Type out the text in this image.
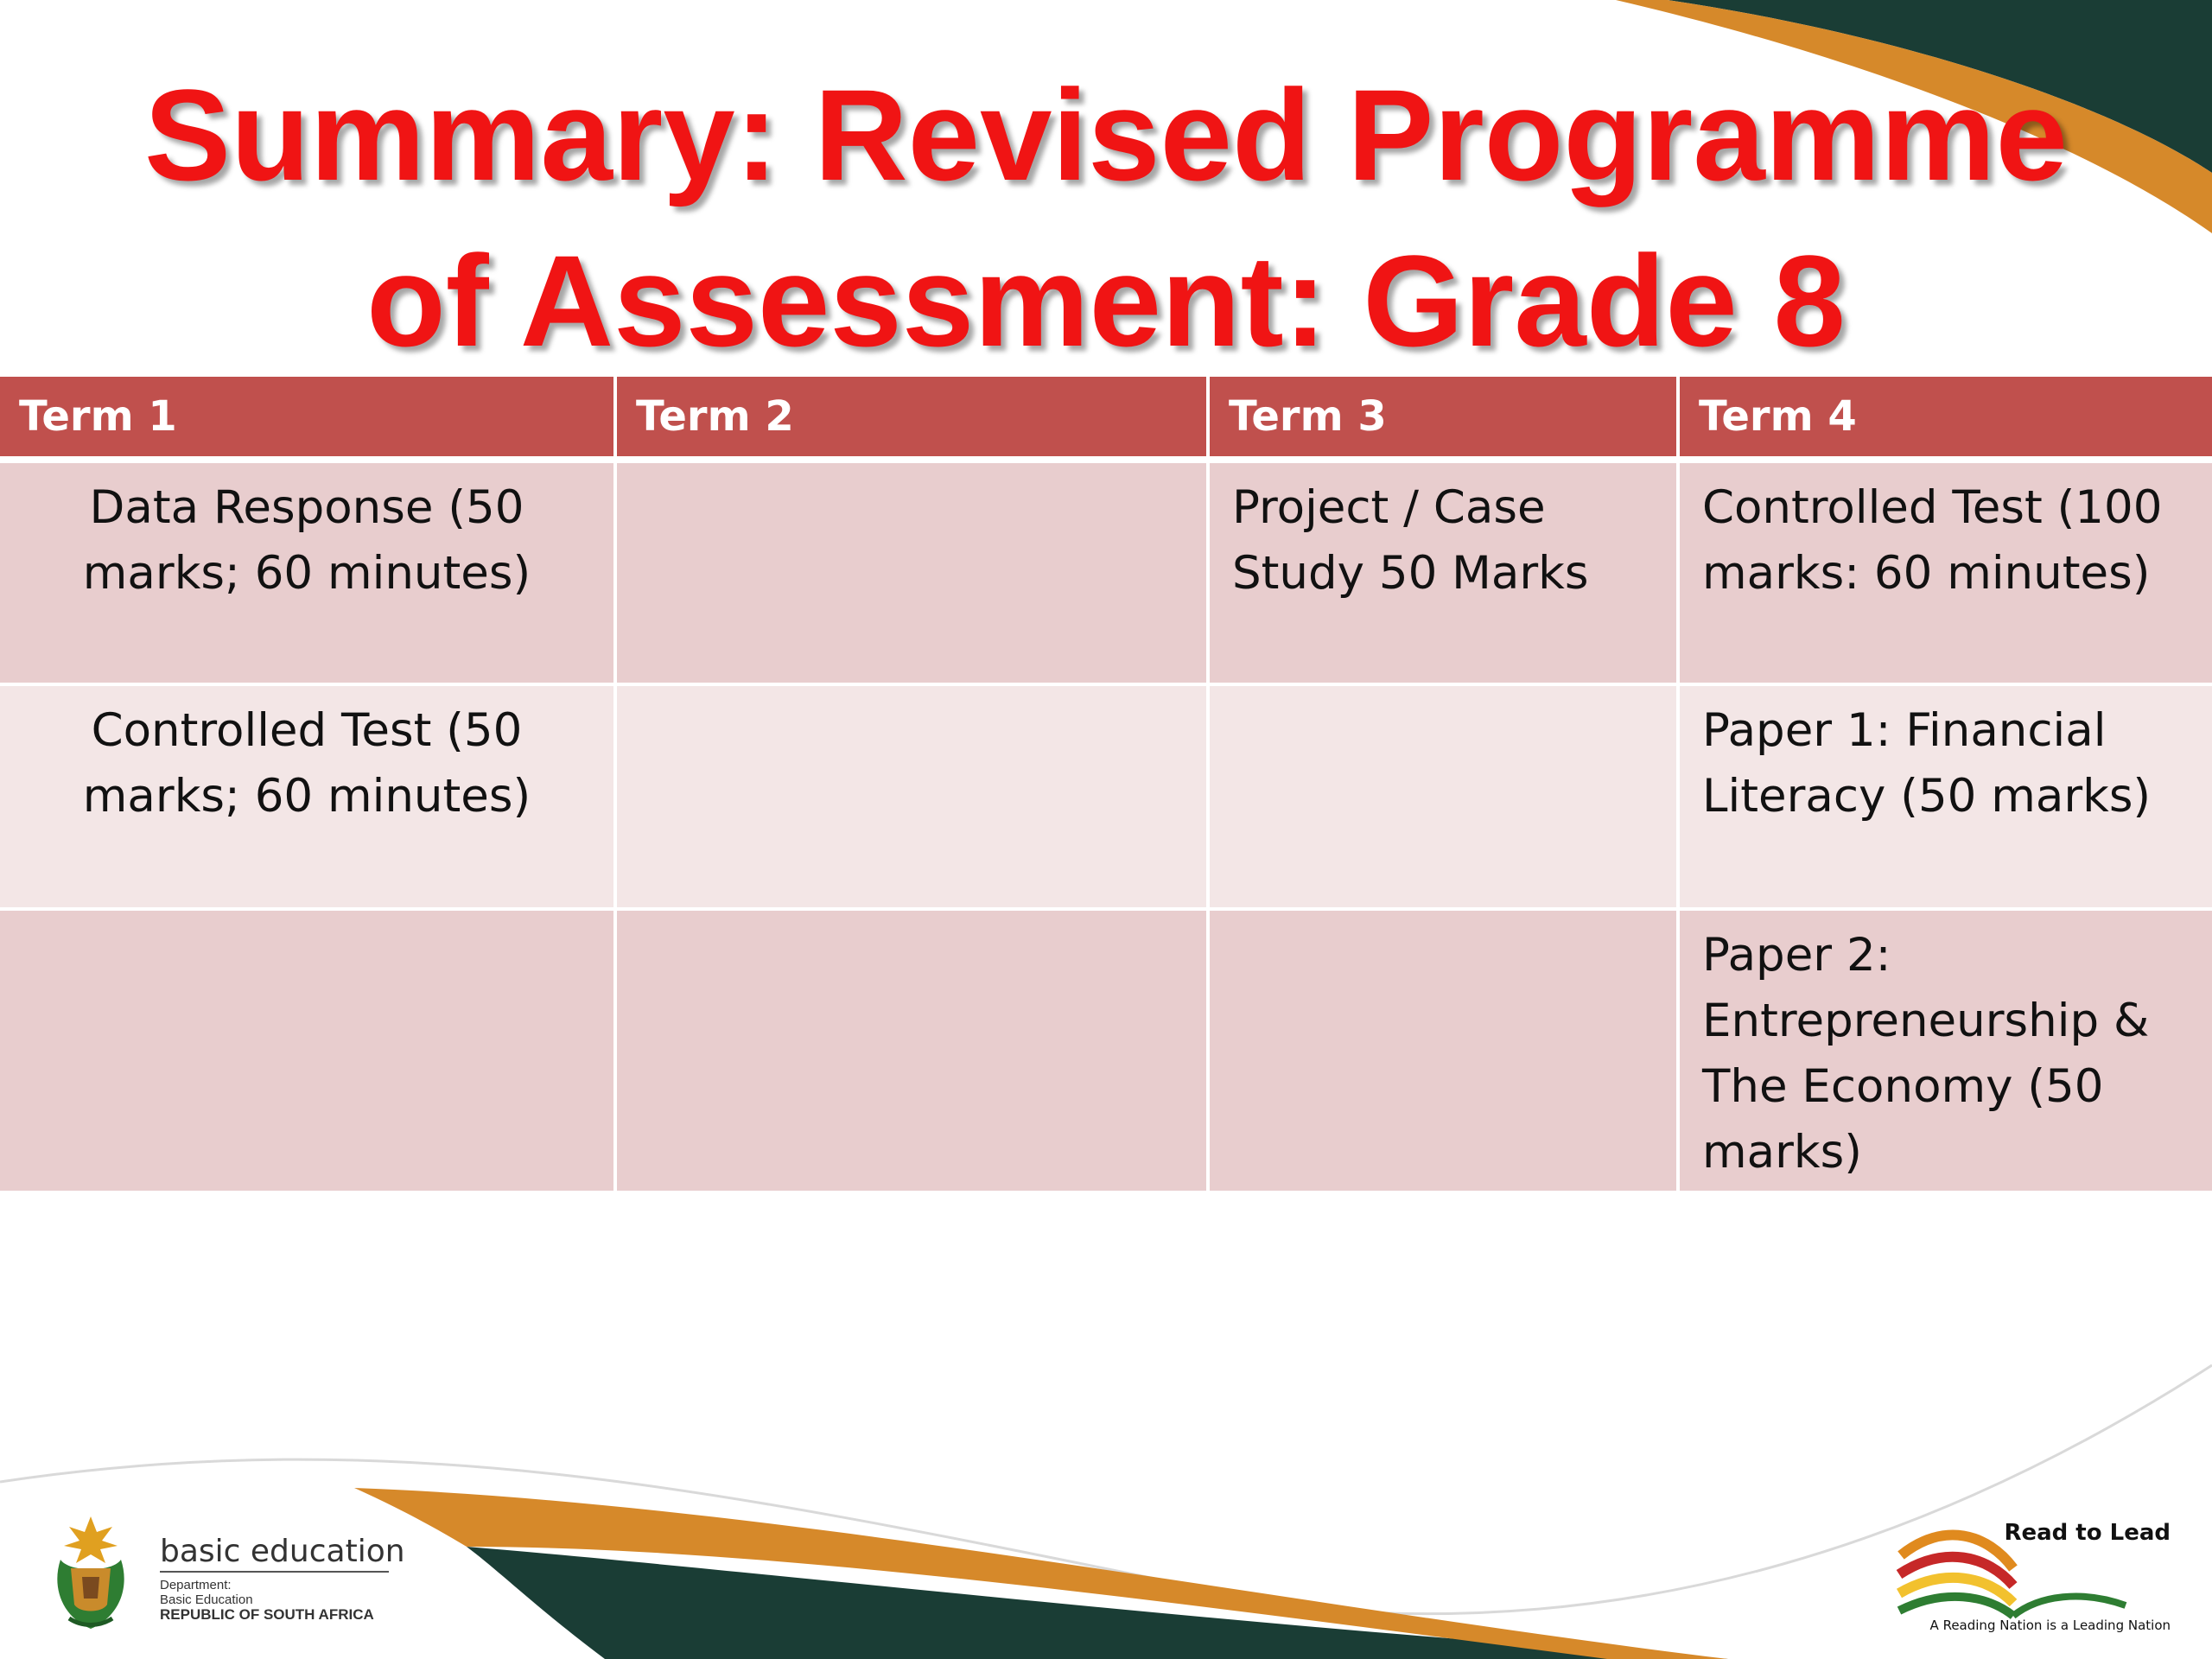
Summary: Revised Programme
of Assessment: Grade 8
Term 1	Term 2	Term 3	Term 4
Data Response (50 marks; 60 minutes)		Project / Case Study 50 Marks	Controlled Test (100 marks: 60 minutes)
Controlled Test (50 marks; 60 minutes)			Paper 1: Financial Literacy (50 marks)
			Paper 2: Entrepreneurship & The Economy (50 marks)
basic education
Department:
Basic Education
REPUBLIC OF SOUTH AFRICA
Read to Lead
A Reading Nation is a Leading Nation
